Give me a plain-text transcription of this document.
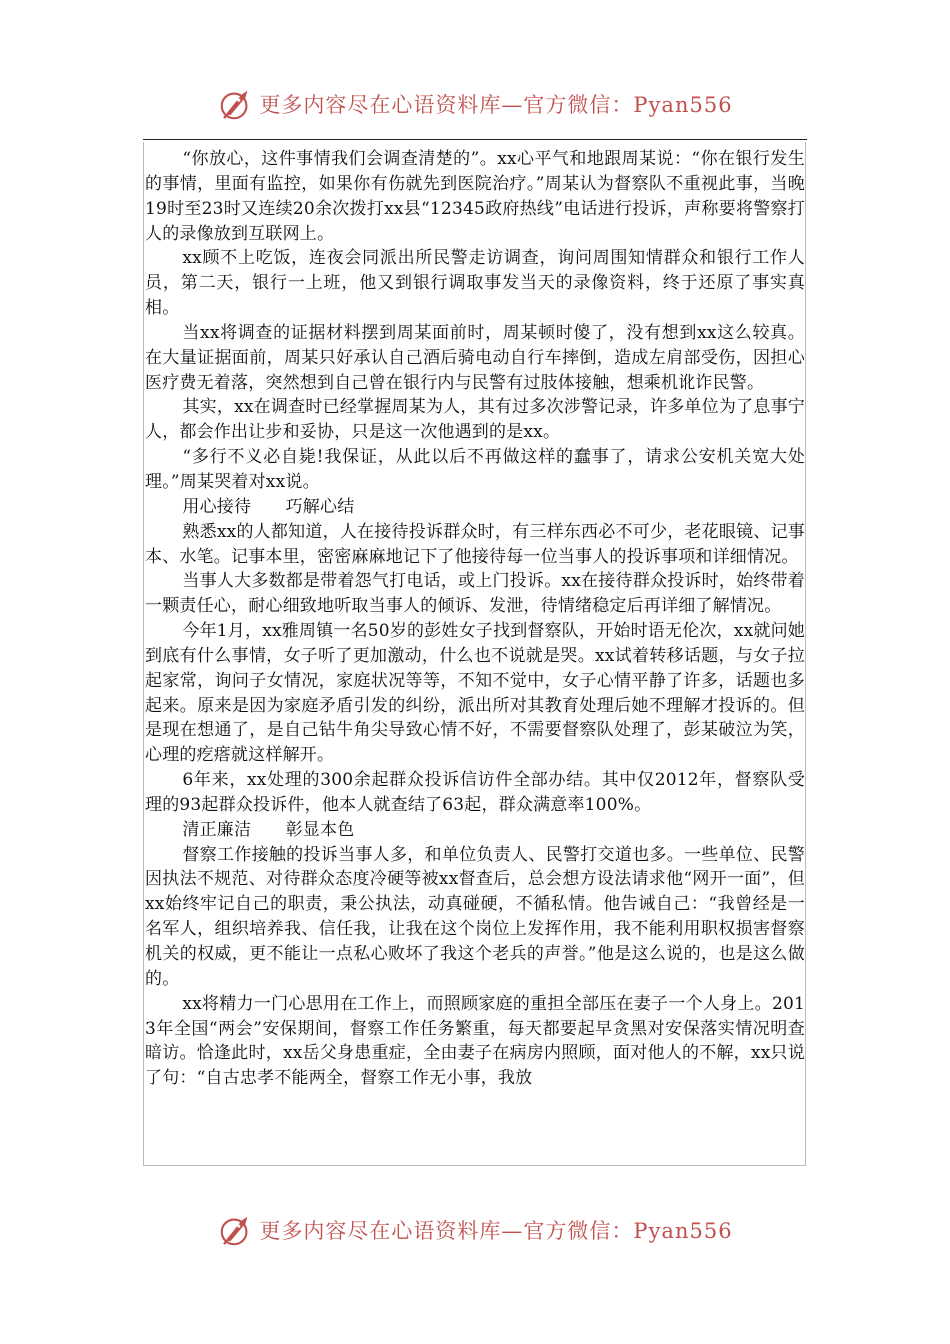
更多内容尽在心语资料库—官方微信：Pyan556

“你放心，这件事情我们会调查清楚的”。xx心平气和地跟周某说：“你在银行发生的事情，里面有监控，如果你有伤就先到医院治疗。”周某认为督察队不重视此事，当晚19时至23时又连续20余次拨打xx县“12345政府热线”电话进行投诉，声称要将警察打人的录像放到互联网上。

xx顾不上吃饭，连夜会同派出所民警走访调查，询问周围知情群众和银行工作人员，第二天，银行一上班，他又到银行调取事发当天的录像资料，终于还原了事实真相。

当xx将调查的证据材料摆到周某面前时，周某顿时傻了，没有想到xx这么较真。在大量证据面前，周某只好承认自己酒后骑电动自行车摔倒，造成左肩部受伤，因担心医疗费无着落，突然想到自己曾在银行内与民警有过肢体接触，想乘机讹诈民警。

其实，xx在调查时已经掌握周某为人，其有过多次涉警记录，许多单位为了息事宁人，都会作出让步和妥协，只是这一次他遇到的是xx。

“多行不义必自毙!我保证，从此以后不再做这样的蠢事了，请求公安机关宽大处理。”周某哭着对xx说。

用心接待　　巧解心结

熟悉xx的人都知道，人在接待投诉群众时，有三样东西必不可少，老花眼镜、记事本、水笔。记事本里，密密麻麻地记下了他接待每一位当事人的投诉事项和详细情况。

当事人大多数都是带着怨气打电话，或上门投诉。xx在接待群众投诉时，始终带着一颗责任心，耐心细致地听取当事人的倾诉、发泄，待情绪稳定后再详细了解情况。

今年1月，xx雅周镇一名50岁的彭姓女子找到督察队，开始时语无伦次，xx就问她到底有什么事情，女子听了更加激动，什么也不说就是哭。xx试着转移话题，与女子拉起家常，询问子女情况，家庭状况等等，不知不觉中，女子心情平静了许多，话题也多起来。原来是因为家庭矛盾引发的纠纷，派出所对其教育处理后她不理解才投诉的。但是现在想通了，是自己钻牛角尖导致心情不好，不需要督察队处理了，彭某破泣为笑，心理的疙瘩就这样解开。

6年来，xx处理的300余起群众投诉信访件全部办结。其中仅2012年，督察队受理的93起群众投诉件，他本人就查结了63起，群众满意率100%。

清正廉洁　　彰显本色

督察工作接触的投诉当事人多，和单位负责人、民警打交道也多。一些单位、民警因执法不规范、对待群众态度冷硬等被xx督查后，总会想方设法请求他“网开一面”，但xx始终牢记自己的职责，秉公执法，动真碰硬，不循私情。他告诫自己：“我曾经是一名军人，组织培养我、信任我，让我在这个岗位上发挥作用，我不能利用职权损害督察机关的权威，更不能让一点私心败坏了我这个老兵的声誉。”他是这么说的，也是这么做的。

xx将精力一门心思用在工作上，而照顾家庭的重担全部压在妻子一个人身上。2013年全国“两会”安保期间，督察工作任务繁重，每天都要起早贪黑对安保落实情况明查暗访。恰逢此时，xx岳父身患重症，全由妻子在病房内照顾，面对他人的不解，xx只说了句：“自古忠孝不能两全，督察工作无小事，我放

更多内容尽在心语资料库—官方微信：Pyan556
